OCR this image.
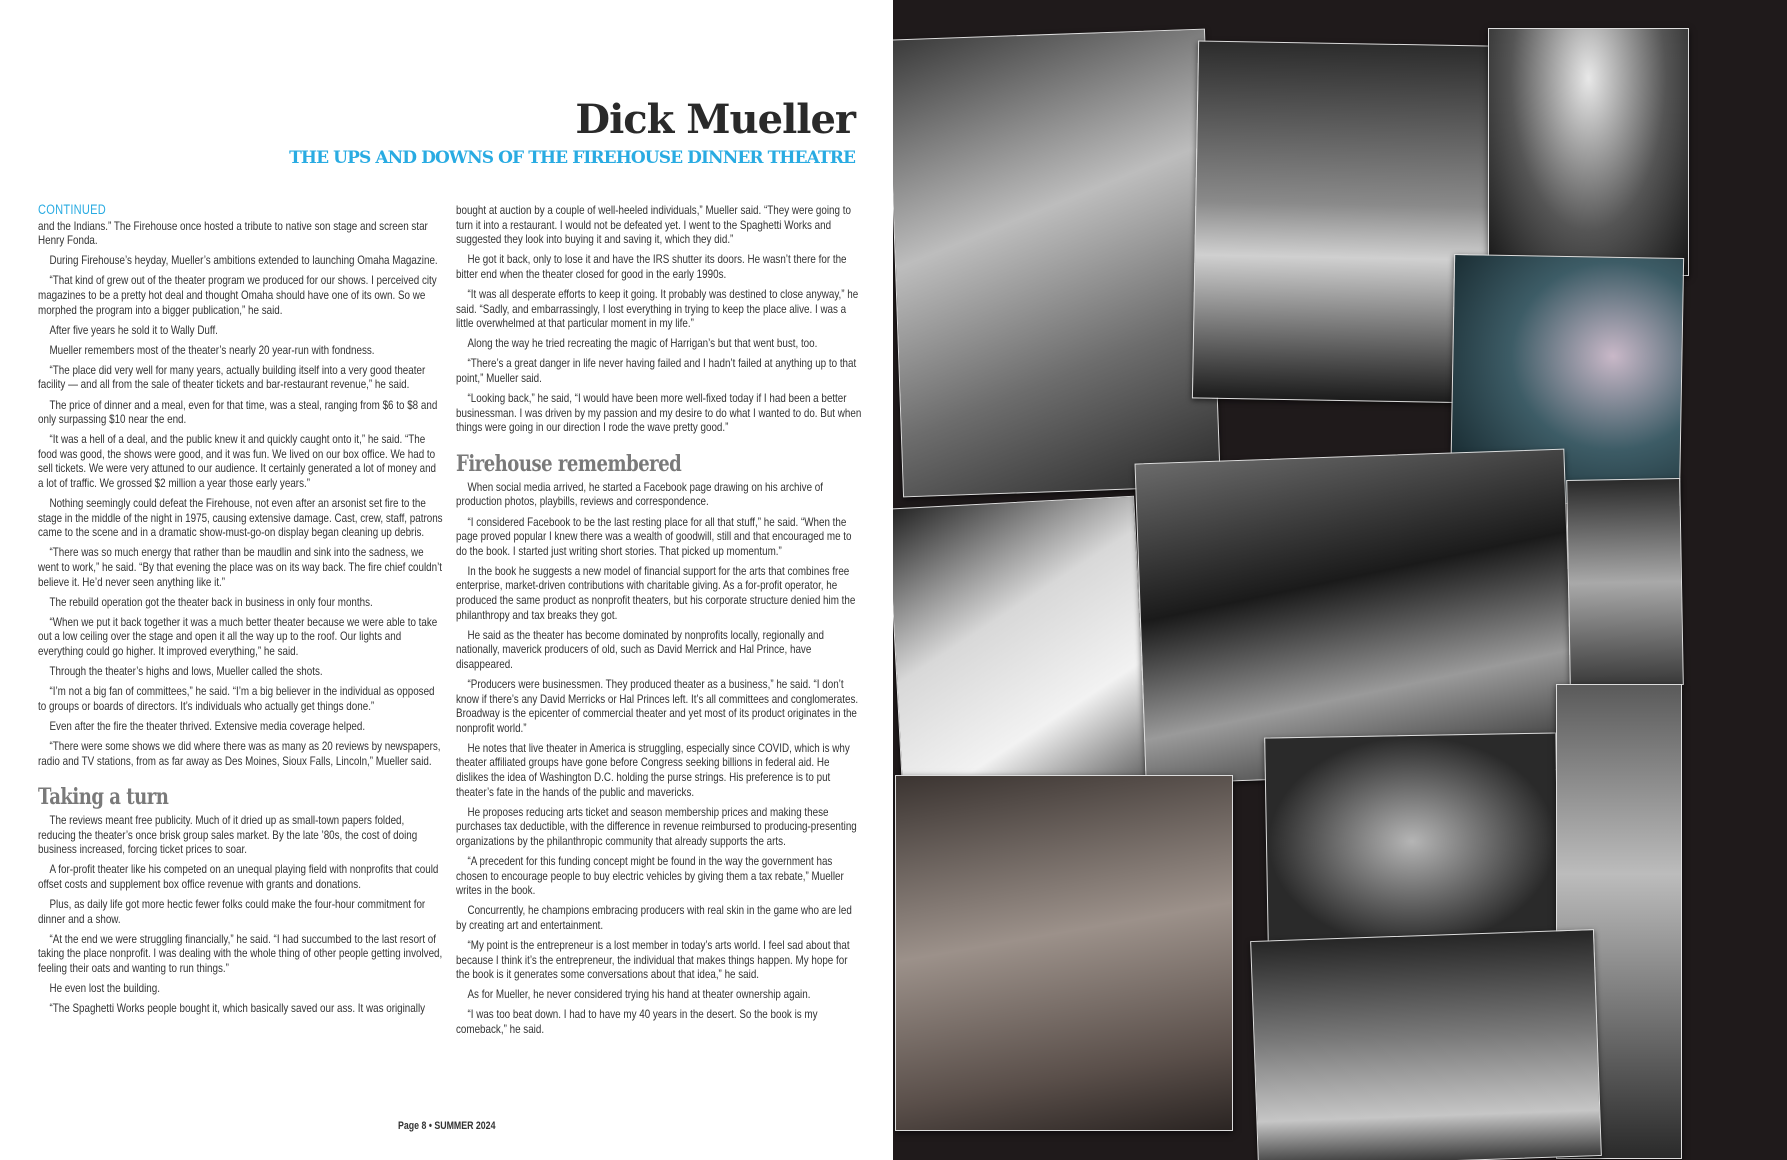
Dick Mueller
THE UPS AND DOWNS OF THE FIREHOUSE DINNER THEATRE
CONTINUED

and the Indians.” The Firehouse once hosted a tribute to native son stage and screen star Henry Fonda.

During Firehouse’s heyday, Mueller’s ambitions extended to launching Omaha Magazine.

“That kind of grew out of the theater program we produced for our shows. I perceived city magazines to be a pretty hot deal and thought Omaha should have one of its own. So we morphed the program into a bigger publication,” he said.

After five years he sold it to Wally Duff.

Mueller remembers most of the theater’s nearly 20 year-run with fondness.

“The place did very well for many years, actually building itself into a very good theater facility — and all from the sale of theater tickets and bar-restaurant revenue,” he said.

The price of dinner and a meal, even for that time, was a steal, ranging from $6 to $8 and only surpassing $10 near the end.

“It was a hell of a deal, and the public knew it and quickly caught onto it,” he said. “The food was good, the shows were good, and it was fun. We lived on our box office. We had to sell tickets. We were very attuned to our audience. It certainly generated a lot of money and a lot of traffic. We grossed $2 million a year those early years.”

Nothing seemingly could defeat the Firehouse, not even after an arsonist set fire to the stage in the middle of the night in 1975, causing extensive damage. Cast, crew, staff, patrons came to the scene and in a dramatic show-must-go-on display began cleaning up debris.

“There was so much energy that rather than be maudlin and sink into the sadness, we went to work,” he said. “By that evening the place was on its way back. The fire chief couldn’t believe it. He’d never seen anything like it.”

The rebuild operation got the theater back in business in only four months.

“When we put it back together it was a much better theater because we were able to take out a low ceiling over the stage and open it all the way up to the roof. Our lights and everything could go higher. It improved everything,” he said.

Through the theater’s highs and lows, Mueller called the shots.

“I’m not a big fan of committees,” he said. “I’m a big believer in the individual as opposed to groups or boards of directors. It’s individuals who actually get things done.”

Even after the fire the theater thrived. Extensive media coverage helped.

“There were some shows we did where there was as many as 20 reviews by newspapers, radio and TV stations, from as far away as Des Moines, Sioux Falls, Lincoln,” Mueller said.

Taking a turn

The reviews meant free publicity. Much of it dried up as small-town papers folded, reducing the theater’s once brisk group sales market. By the late ’80s, the cost of doing business increased, forcing ticket prices to soar.

A for-profit theater like his competed on an unequal playing field with nonprofits that could offset costs and supplement box office revenue with grants and donations.

Plus, as daily life got more hectic fewer folks could make the four-hour commitment for dinner and a show.

“At the end we were struggling financially,” he said. “I had succumbed to the last resort of taking the place nonprofit. I was dealing with the whole thing of other people getting involved, feeling their oats and wanting to run things.”

He even lost the building.

“The Spaghetti Works people bought it, which basically saved our ass. It was originally

bought at auction by a couple of well-heeled individuals,” Mueller said. “They were going to turn it into a restaurant. I would not be defeated yet. I went to the Spaghetti Works and suggested they look into buying it and saving it, which they did.”

He got it back, only to lose it and have the IRS shutter its doors. He wasn’t there for the bitter end when the theater closed for good in the early 1990s.

“It was all desperate efforts to keep it going. It probably was destined to close anyway,” he said. “Sadly, and embarrassingly, I lost everything in trying to keep the place alive. I was a little overwhelmed at that particular moment in my life.”

Along the way he tried recreating the magic of Harrigan’s but that went bust, too.

“There’s a great danger in life never having failed and I hadn’t failed at anything up to that point,” Mueller said.

“Looking back,” he said, “I would have been more well-fixed today if I had been a better businessman. I was driven by my passion and my desire to do what I wanted to do. But when things were going in our direction I rode the wave pretty good.”

Firehouse remembered

When social media arrived, he started a Facebook page drawing on his archive of production photos, playbills, reviews and correspondence.

“I considered Facebook to be the last resting place for all that stuff,” he said. “When the page proved popular I knew there was a wealth of goodwill, still and that encouraged me to do the book. I started just writing short stories. That picked up momentum.”

In the book he suggests a new model of financial support for the arts that combines free enterprise, market-driven contributions with charitable giving. As a for-profit operator, he produced the same product as nonprofit theaters, but his corporate structure denied him the philanthropy and tax breaks they got.

He said as the theater has become dominated by nonprofits locally, regionally and nationally, maverick producers of old, such as David Merrick and Hal Prince, have disappeared.

“Producers were businessmen. They produced theater as a business,” he said. “I don’t know if there’s any David Merricks or Hal Princes left. It’s all committees and conglomerates. Broadway is the epicenter of commercial theater and yet most of its product originates in the nonprofit world.”

He notes that live theater in America is struggling, especially since COVID, which is why theater affiliated groups have gone before Congress seeking billions in federal aid. He dislikes the idea of Washington D.C. holding the purse strings. His preference is to put theater’s fate in the hands of the public and mavericks.

He proposes reducing arts ticket and season membership prices and making these purchases tax deductible, with the difference in revenue reimbursed to producing-presenting organizations by the philanthropic community that already supports the arts.

“A precedent for this funding concept might be found in the way the government has chosen to encourage people to buy electric vehicles by giving them a tax rebate,” Mueller writes in the book.

Concurrently, he champions embracing producers with real skin in the game who are led by creating art and entertainment.

“My point is the entrepreneur is a lost member in today’s arts world. I feel sad about that because I think it’s the entrepreneur, the individual that makes things happen. My hope for the book is it generates some conversations about that idea,” he said.

As for Mueller, he never considered trying his hand at theater ownership again.

“I was too beat down. I had to have my 40 years in the desert. So the book is my comeback,” he said.

Page 8 • SUMMER 2024
